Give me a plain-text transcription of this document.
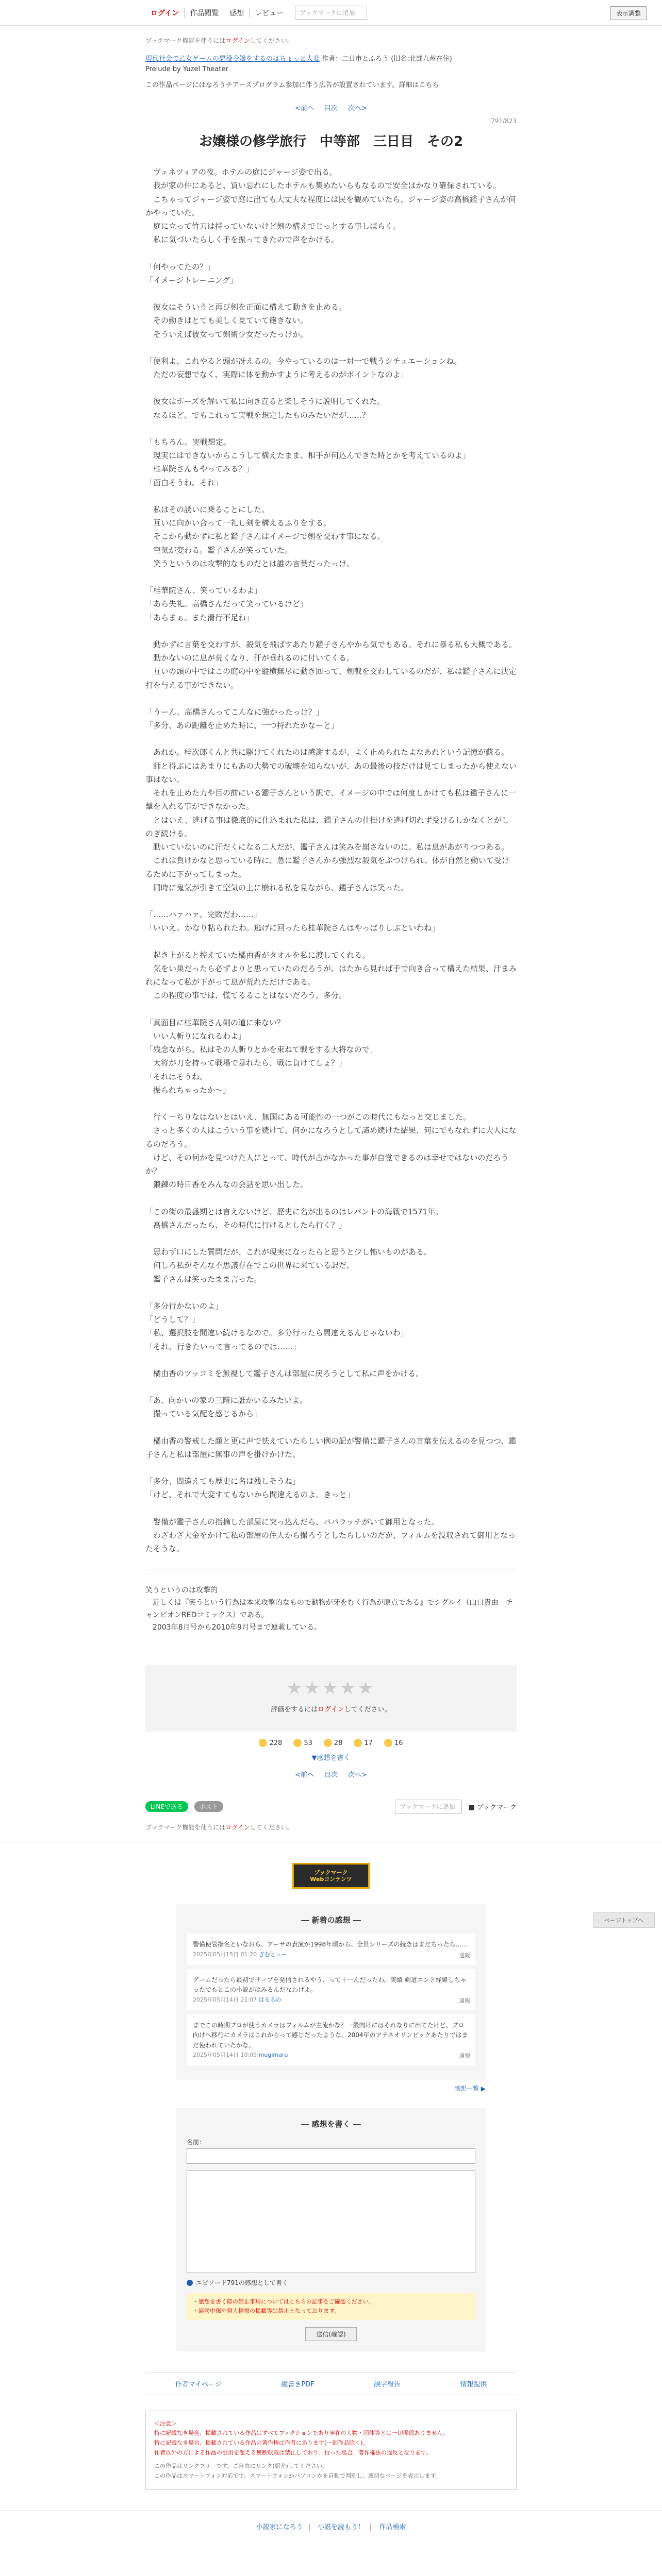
ログイン	作品閲覧	感想	レビュー	ブックマークに追加	表示調整
ブックマーク機能を使うにはログインしてください。
現代社会で乙女ゲームの悪役令嬢をするのはちょっと大変 作者：二日市とふろう (旧名:北部九州在住)
Prelude by Yuzel Theater
この作品ページにはなろうチアーズプログラム参加に伴う広告が設置されています。詳細はこちら
<前へ 目次 次へ>
791/823
お嬢様の修学旅行　中等部　三日目　その2

　ヴェネツィアの夜。ホテルの庭にジャージ姿で出る。

　我が家の仲にあると、買い忘れにしたホテルも集めたいらもなるので安全はかなり確保されている。

　こちゃってジャージ姿で庭に出ても大丈夫な程度には民を観めていたら、ジャージ姿の高橋鑑子さんが何かやっていた。

　庭に立って竹刀は持っていないけど剣の構えでじっとする事しばらく。

　私に気づいたらしく手を振ってきたので声をかける。

「何やってたの？」

「イメージトレーニング」

　彼女はそういうと再び剣を正面に構えて動きを止める。

　その動きはとても美しく見ていて飽きない。

　そういえば彼女って剣術少女だったっけか。

「便利よ。これやると頭が冴えるの。今やっているのは一対一で戦うシチュエーションね。

　ただの妄想でなく、実際に体を動かすように考えるのがポイントなのよ」

　彼女はポーズを解いて私に向き直ると楽しそうに説明してくれた。

　なるほど。でもこれって実戦を想定したものみたいだが……？

「もちろん。実戦想定。

　現実にはできないからこうして構えたまま、相手が何込んできた時とかを考えているのよ」

　桂華院さんもやってみる？」

「面白そうね。それ」

　私はその誘いに乗ることにした。

　互いに向かい合って一礼し剣を構えるふりをする。

　そこから動かずに私と鑑子さんはイメージで剣を交わす事になる。

　空気が変わる。鑑子さんが笑っていた。

　笑うというのは攻撃的なものだとは誰の言葉だったっけ。

「桂華院さん、笑っているわよ」

「あら失礼。高橋さんだって笑っているけど」

「あらまぁ。また滑行不足ね」

　動かずに言葉を交わすが、殺気を飛ばすあたり鑑子さんやから気でもある。それに暴る私も大概である。

　動かないのに息が荒くなり、汗が垂れるのに付いてくる。

　互いの頭の中ではこの庭の中を縦横無尽に動き回って、剣戟を交わしているのだが、私は鑑子さんに決定打を与える事ができない。

「うーん。高橋さんってこんなに強かったっけ？」

「多分、あの距離を止めた時に、一つ持れたかなーと」

　あれか。桂次郎くんと共に駆けてくれたのは感謝するが、よく止められたよなあれという記憶が蘇る。

　師と得ぶにはあまりにもあの大勢での破壊を知らないが、あの最後の技だけは見てしまったから使えない事はない。

　それを止めた力や目の前にいる鑑子さんという訳で、イメージの中では何度しかけても私は鑑子さんに一撃を入れる事ができなかった。

　とはいえ、逃げる事は徹底的に仕込まれた私は、鑑子さんの仕掛けを逃げ切れず受けるしかなくとがしのぎ続ける。

　動いていないのに汗だくになる二人だが、鑑子さんは笑みを崩さないのに、私は息があがりつつある。

　これは負けかなと思っている時に、急に鑑子さんから強烈な殺気をぶつけられ、体が自然と動いて受けるために下がってしまった。

　同時に鬼気が引きて空気の上に崩れる私を見ながら、鑑子さんは笑った。

「……ハァハァ。完敗だわ……」

「いいえ。かなり粘られたわ。逃げに回ったら桂華院さんはやっぱりしぶといわね」

　起き上がると控えていた橘由香がタオルを私に渡してくれる。

　気をい巣だったら必ずよりと思っていたのだろうが、はたから見れば手で向き合って構えた結果、汗まみれになって私が下がって息が荒れただけである。

　この程度の事では、慌てるることはないだろう。多分。

「真面目に桂華院さん剣の道に来ない？

　いい人斬りになれるわよ」

「残念ながら、私はその人斬りとかを束ねて戦をする大将なので」

　大将が刀を持って戦場で暴れたら、戦は負けてしょ？」

「それはそうね。

　振られちゃったか～」

　行く－ちりなはないとはいえ、無国にある可能性の一つがこの時代にもなっと交じました。

　さっと多くの人はこういう事を続けて、何かになろうとして諦め続けた結果、何にでもなれずに大人になるのだろう。

　けど、その何かを見つけた人にとって、時代が古かなかった事が自覚できるのは幸せではないのだろうか？

　鍛錬の時日香をみんなの会話を思い出した。

「この街の最盛期とは言えないけど、歴史に名が出るのはレパントの海戦で1571年。

　高橋さんだったら、その時代に行けるとしたら行く？」

　思わず口にした質問だが、これが現実になったらと思うと少し怖いものがある。

　何しろ私がそんな不思議存在でこの世界に来ている訳だ。

　鑑子さんは笑ったまま言った。

「多分行かないのよ」

「どうして？」

「私、選択肢を間違い続けるなので。多分行ったら間違えるんじゃないわ」

「それ、行きたいって言ってるのでは……」

　橘由香のツッコミを無視して鑑子さんは部屋に戻ろうとして私に声をかける。

「あ、向かいの家の三階に誰かいるみたいよ。

　撮っている気配を感じるから」

　橘由香の警戒した顔と更に声で怯えていたらしい例の記が警備に鑑子さんの言葉を伝えるのを見つつ、鑑子さんと私は部屋に無事の声を掛けかけた。

「多分、間違えても歴史に名は残しそうね」

「けど、それで大変すてもないから間違えるのよ。きっと」

　警備が鑑子さんの指摘した部屋に突っ込んだら、パパラッチがいて御用となった。

　わざわざ大金をかけて私の部屋の住人から撮ろうとしたらしいのだが、フィルムを没収されて御用となったそうな。

笑うというのは攻撃的

　近しくは『笑うという行為は本来攻撃的なもので動物が牙をむく行為が原点である』でシグルイ（山口貴由　チャンピオンREDコミックス）である。

　2003年8月号から2010年9月号まで連載している。

★★★★★
評価をするにはログインしてください。
228	53	28	17	16
▼感想を書く
<前へ 目次 次へ>
ページトップへ
LINEで送る	ポスト	ブックマークに追加	■ ブックマーク
ブックマーク機能を使うにはログインしてください。
ブックマーク
Webコンテンツ
― 新着の感想 ―
警備使管指名といなおら、アーサの表演が1998年頃から、全世シリーズの続きはまだちったら……
2025年05月15日 01:20 ぎむとぃー	通報
ゲームだったら最初でサーブを発信されるやう、って十一んだったわ。実績 剣道エンド経緯しちゃったでもとこの小説がはみるんだなわけよ。
2025年05月14日 21:07 はるるの	通報
までこの時期プロが使うカメラはフィルムが主流かな？一般向けにはそれなりに出てたけど、プロ向けへ移行にカメラはこれからって感じだったような。2004年のアテネオリンピックあたりではまだ使われていたかな。
2025年05月14日 10:09 mugimaru	通報
感想一覧 ▶
― 感想を書く ―
名前：
エピソード791の感想として書く
・感想を書く際の禁止事項についてはこちらの記事をご確認ください。
・誹謗中傷や個人情報の掲載等は禁止となっております。
送信(確認)
作者マイページ	縦書きPDF	誤字報告	情報提供
＜注意＞
特に記載なき場合、掲載されている作品はすべてフィクションであり実在の人物・団体等とは一切関係ありません。
特に記載なき場合、掲載されている作品の著作権は作者にあります(一部作品除く)。
作者以外の方による作品の引用を超える無断転載は禁止しており、行った場合、著作権法の違反となります。
この作品はリンクフリーです。ご自由にリンク(紹介)してください。
この作品はスマートフォン対応です。スマートフォンかパソコンかを自動で判別し、適切なページを表示します。
小説家になろう | 小説を読もう！ | 作品検索
